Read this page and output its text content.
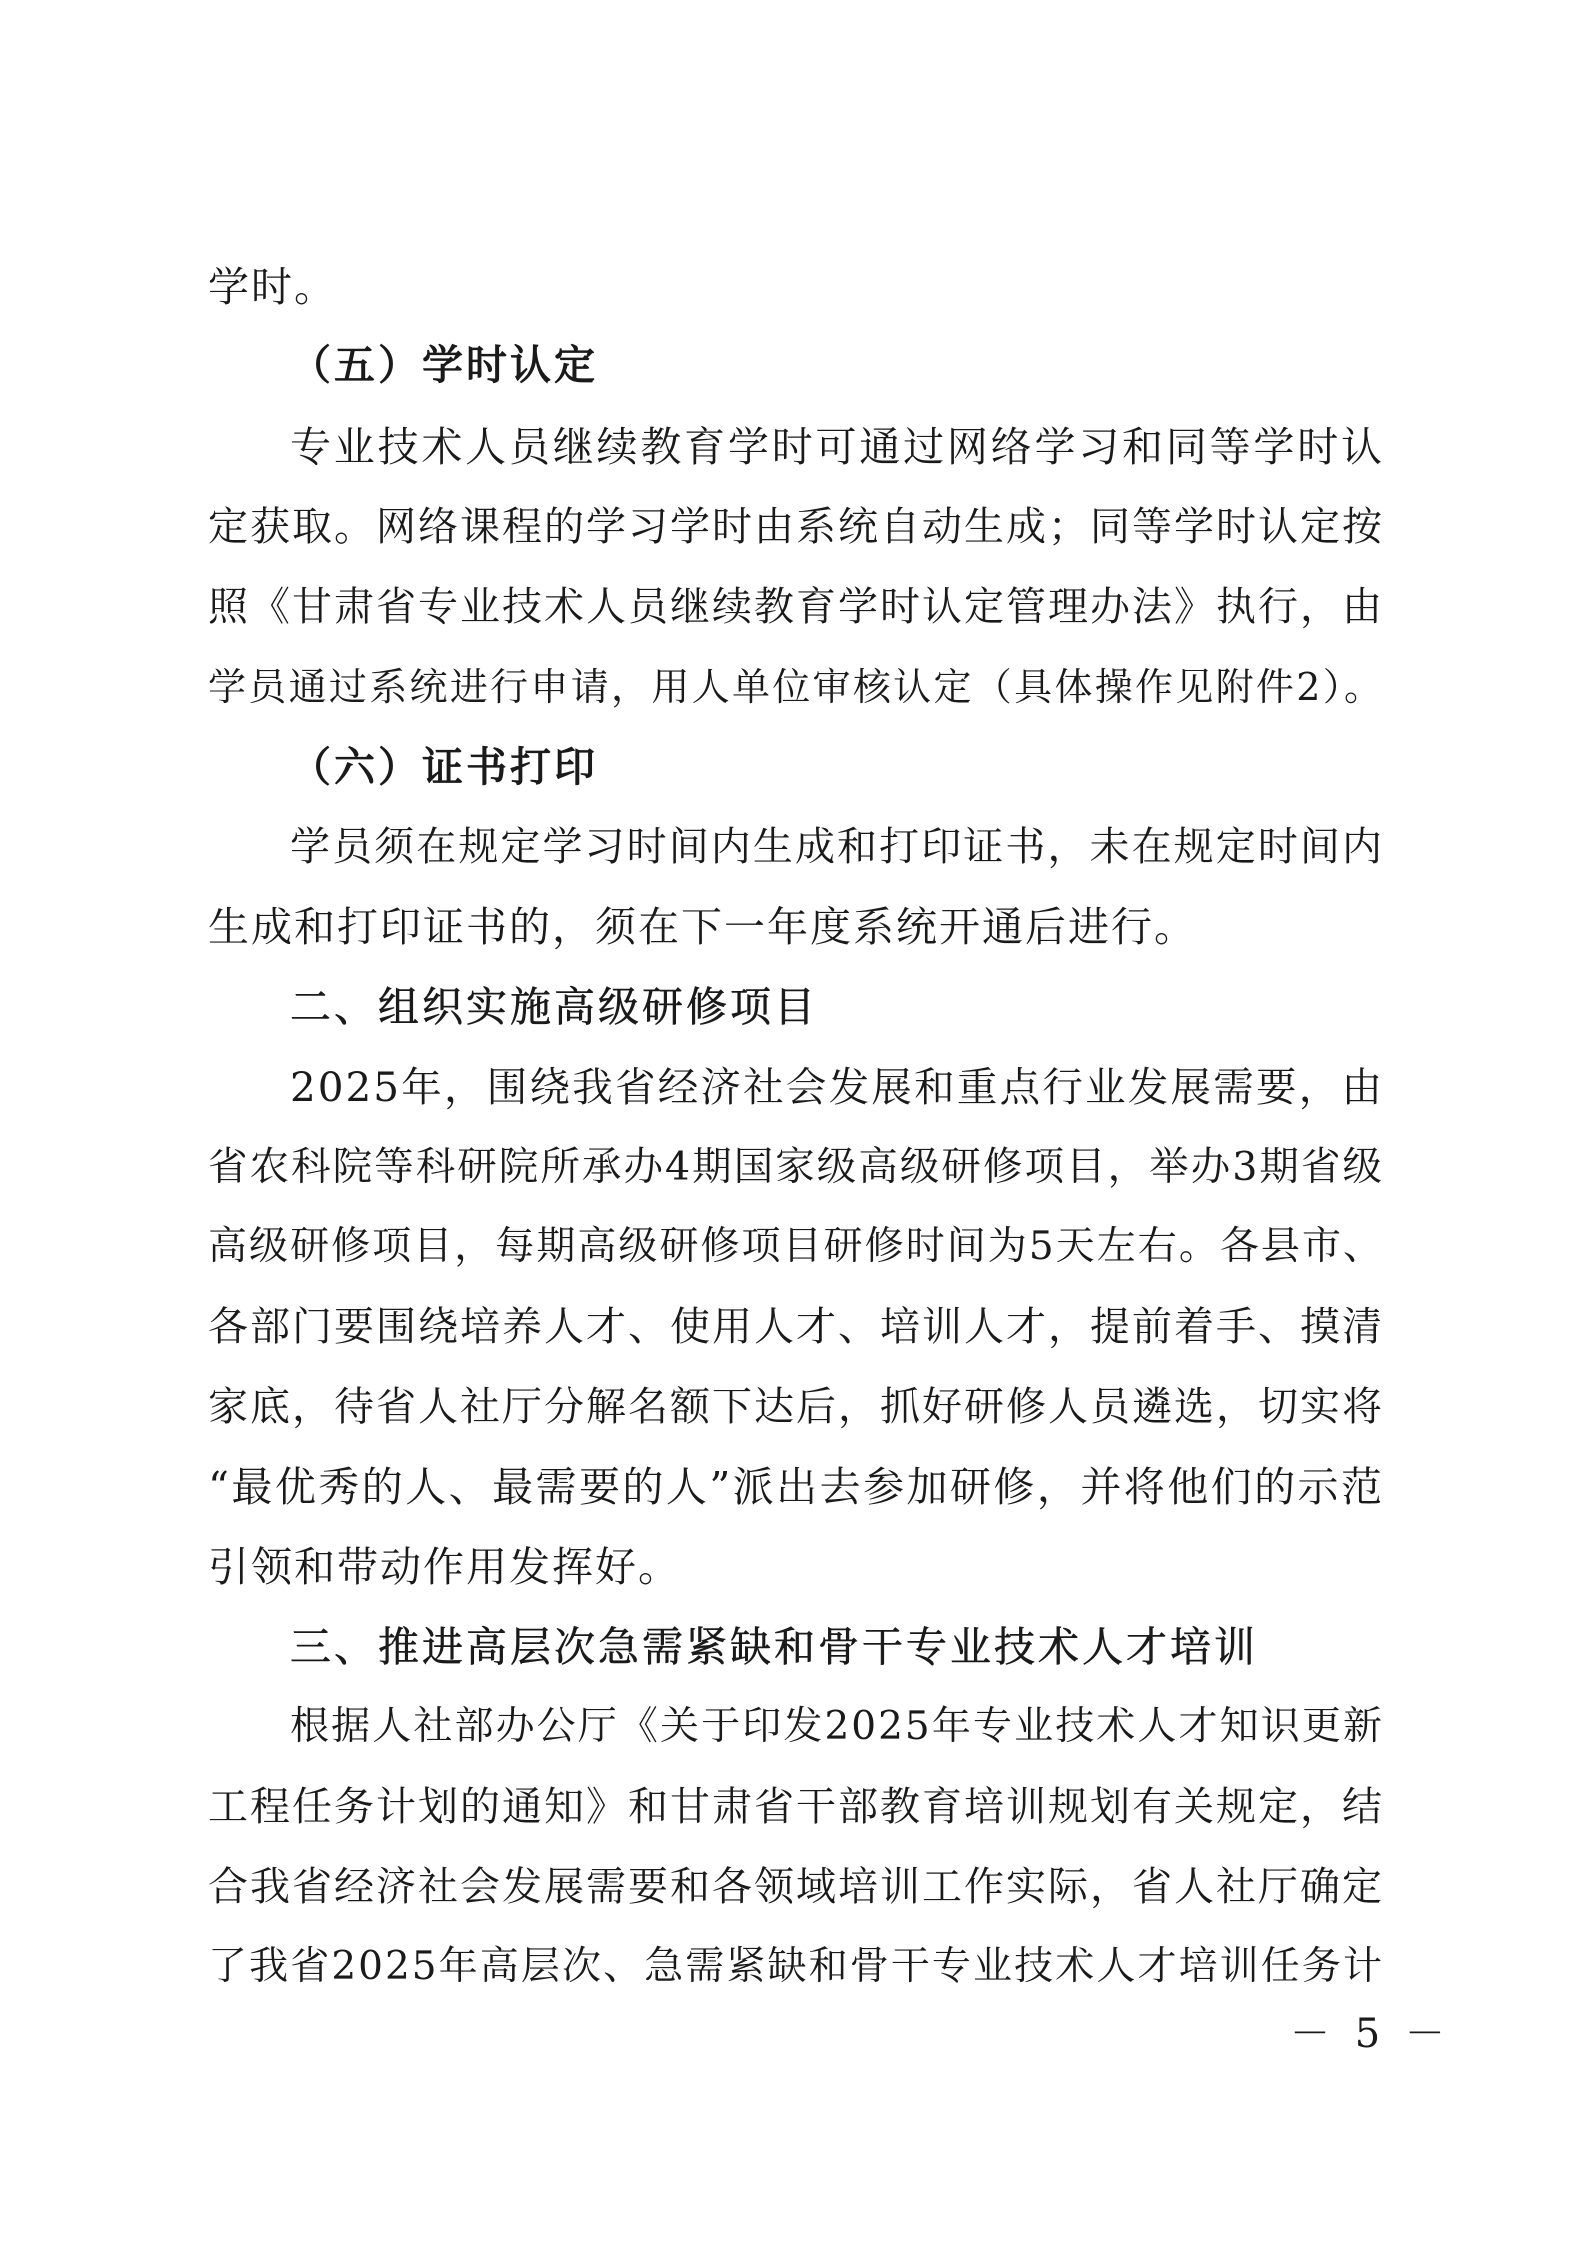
学时。
（五）学时认定
专业技术人员继续教育学时可通过网络学习和同等学时认
定获取。网络课程的学习学时由系统自动生成；同等学时认定按
照《甘肃省专业技术人员继续教育学时认定管理办法》执行，由
学员通过系统进行申请，用人单位审核认定（具体操作见附件2）。
（六）证书打印
学员须在规定学习时间内生成和打印证书，未在规定时间内
生成和打印证书的，须在下一年度系统开通后进行。
二、组织实施高级研修项目
2025年，围绕我省经济社会发展和重点行业发展需要，由
省农科院等科研院所承办4期国家级高级研修项目，举办3期省级
高级研修项目，每期高级研修项目研修时间为5天左右。各县市、
各部门要围绕培养人才、使用人才、培训人才，提前着手、摸清
家底，待省人社厅分解名额下达后，抓好研修人员遴选，切实将
“最优秀的人、最需要的人”派出去参加研修，并将他们的示范
引领和带动作用发挥好。
三、推进高层次急需紧缺和骨干专业技术人才培训
根据人社部办公厅《关于印发2025年专业技术人才知识更新
工程任务计划的通知》和甘肃省干部教育培训规划有关规定，结
合我省经济社会发展需要和各领域培训工作实际，省人社厅确定
了我省2025年高层次、急需紧缺和骨干专业技术人才培训任务计
－ 5 －
